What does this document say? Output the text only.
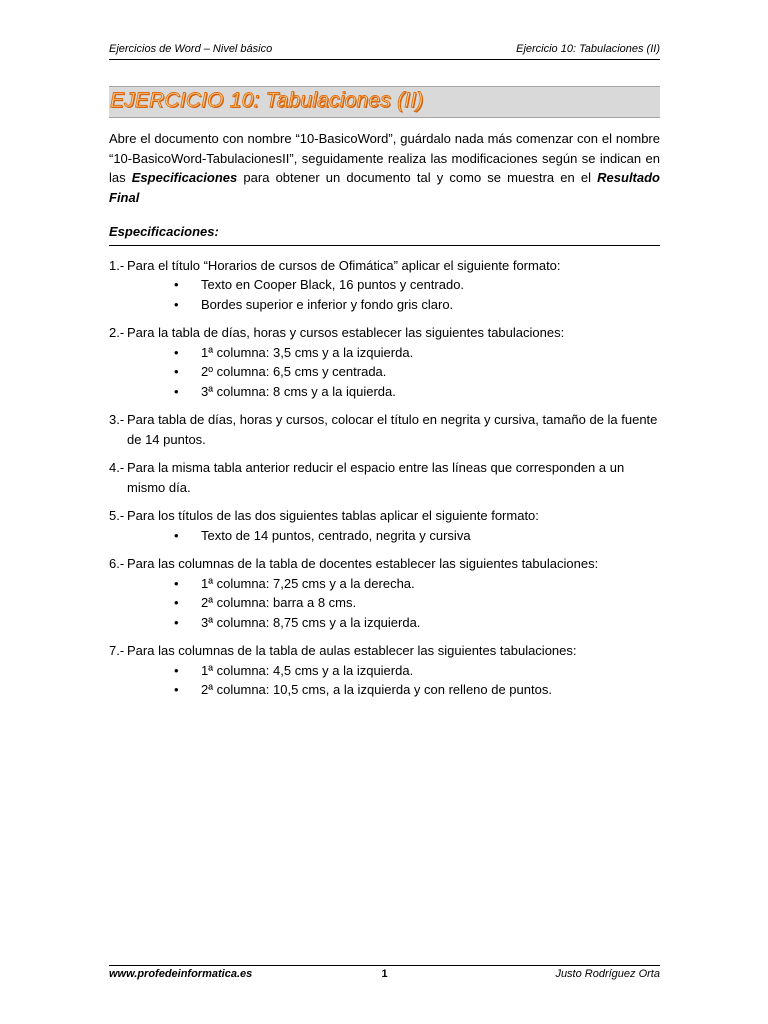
Ejercicios de Word – Nivel básico	Ejercicio 10: Tabulaciones (II)
EJERCICIO 10: Tabulaciones (II)

Abre el documento con nombre “10-BasicoWord”, guárdalo nada más comenzar con el nombre “10-BasicoWord-TabulacionesII”, seguidamente realiza las modificaciones según se indican en las Especificaciones para obtener un documento tal y como se muestra en el Resultado Final

Especificaciones:
1.- Para el título “Horarios de cursos de Ofimática” aplicar el siguiente formato:
•	Texto en Cooper Black, 16 puntos y centrado.
•	Bordes superior e inferior y fondo gris claro.
2.- Para la tabla de días, horas y cursos establecer las siguientes tabulaciones:
•	1ª columna: 3,5 cms y a la izquierda.
•	2º columna: 6,5 cms y centrada.
•	3ª columna: 8 cms y a la iquierda.
3.- Para tabla de días, horas y cursos, colocar el título en negrita y cursiva, tamaño de la fuente de 14 puntos.
4.- Para la misma tabla anterior reducir el espacio entre las líneas que corresponden a un mismo día.
5.- Para los títulos de las dos siguientes tablas aplicar el siguiente formato:
•	Texto de 14 puntos, centrado, negrita y cursiva
6.- Para las columnas de la tabla de docentes establecer las siguientes tabulaciones:
•	1ª columna: 7,25 cms y a la derecha.
•	2ª columna: barra a 8 cms.
•	3ª columna: 8,75 cms y a la izquierda.
7.- Para las columnas de la tabla de aulas establecer las siguientes tabulaciones:
•	1ª columna: 4,5 cms y a la izquierda.
•	2ª columna: 10,5 cms, a la izquierda y con relleno de puntos.
www.profedeinformatica.es	1	Justo Rodríguez Orta
